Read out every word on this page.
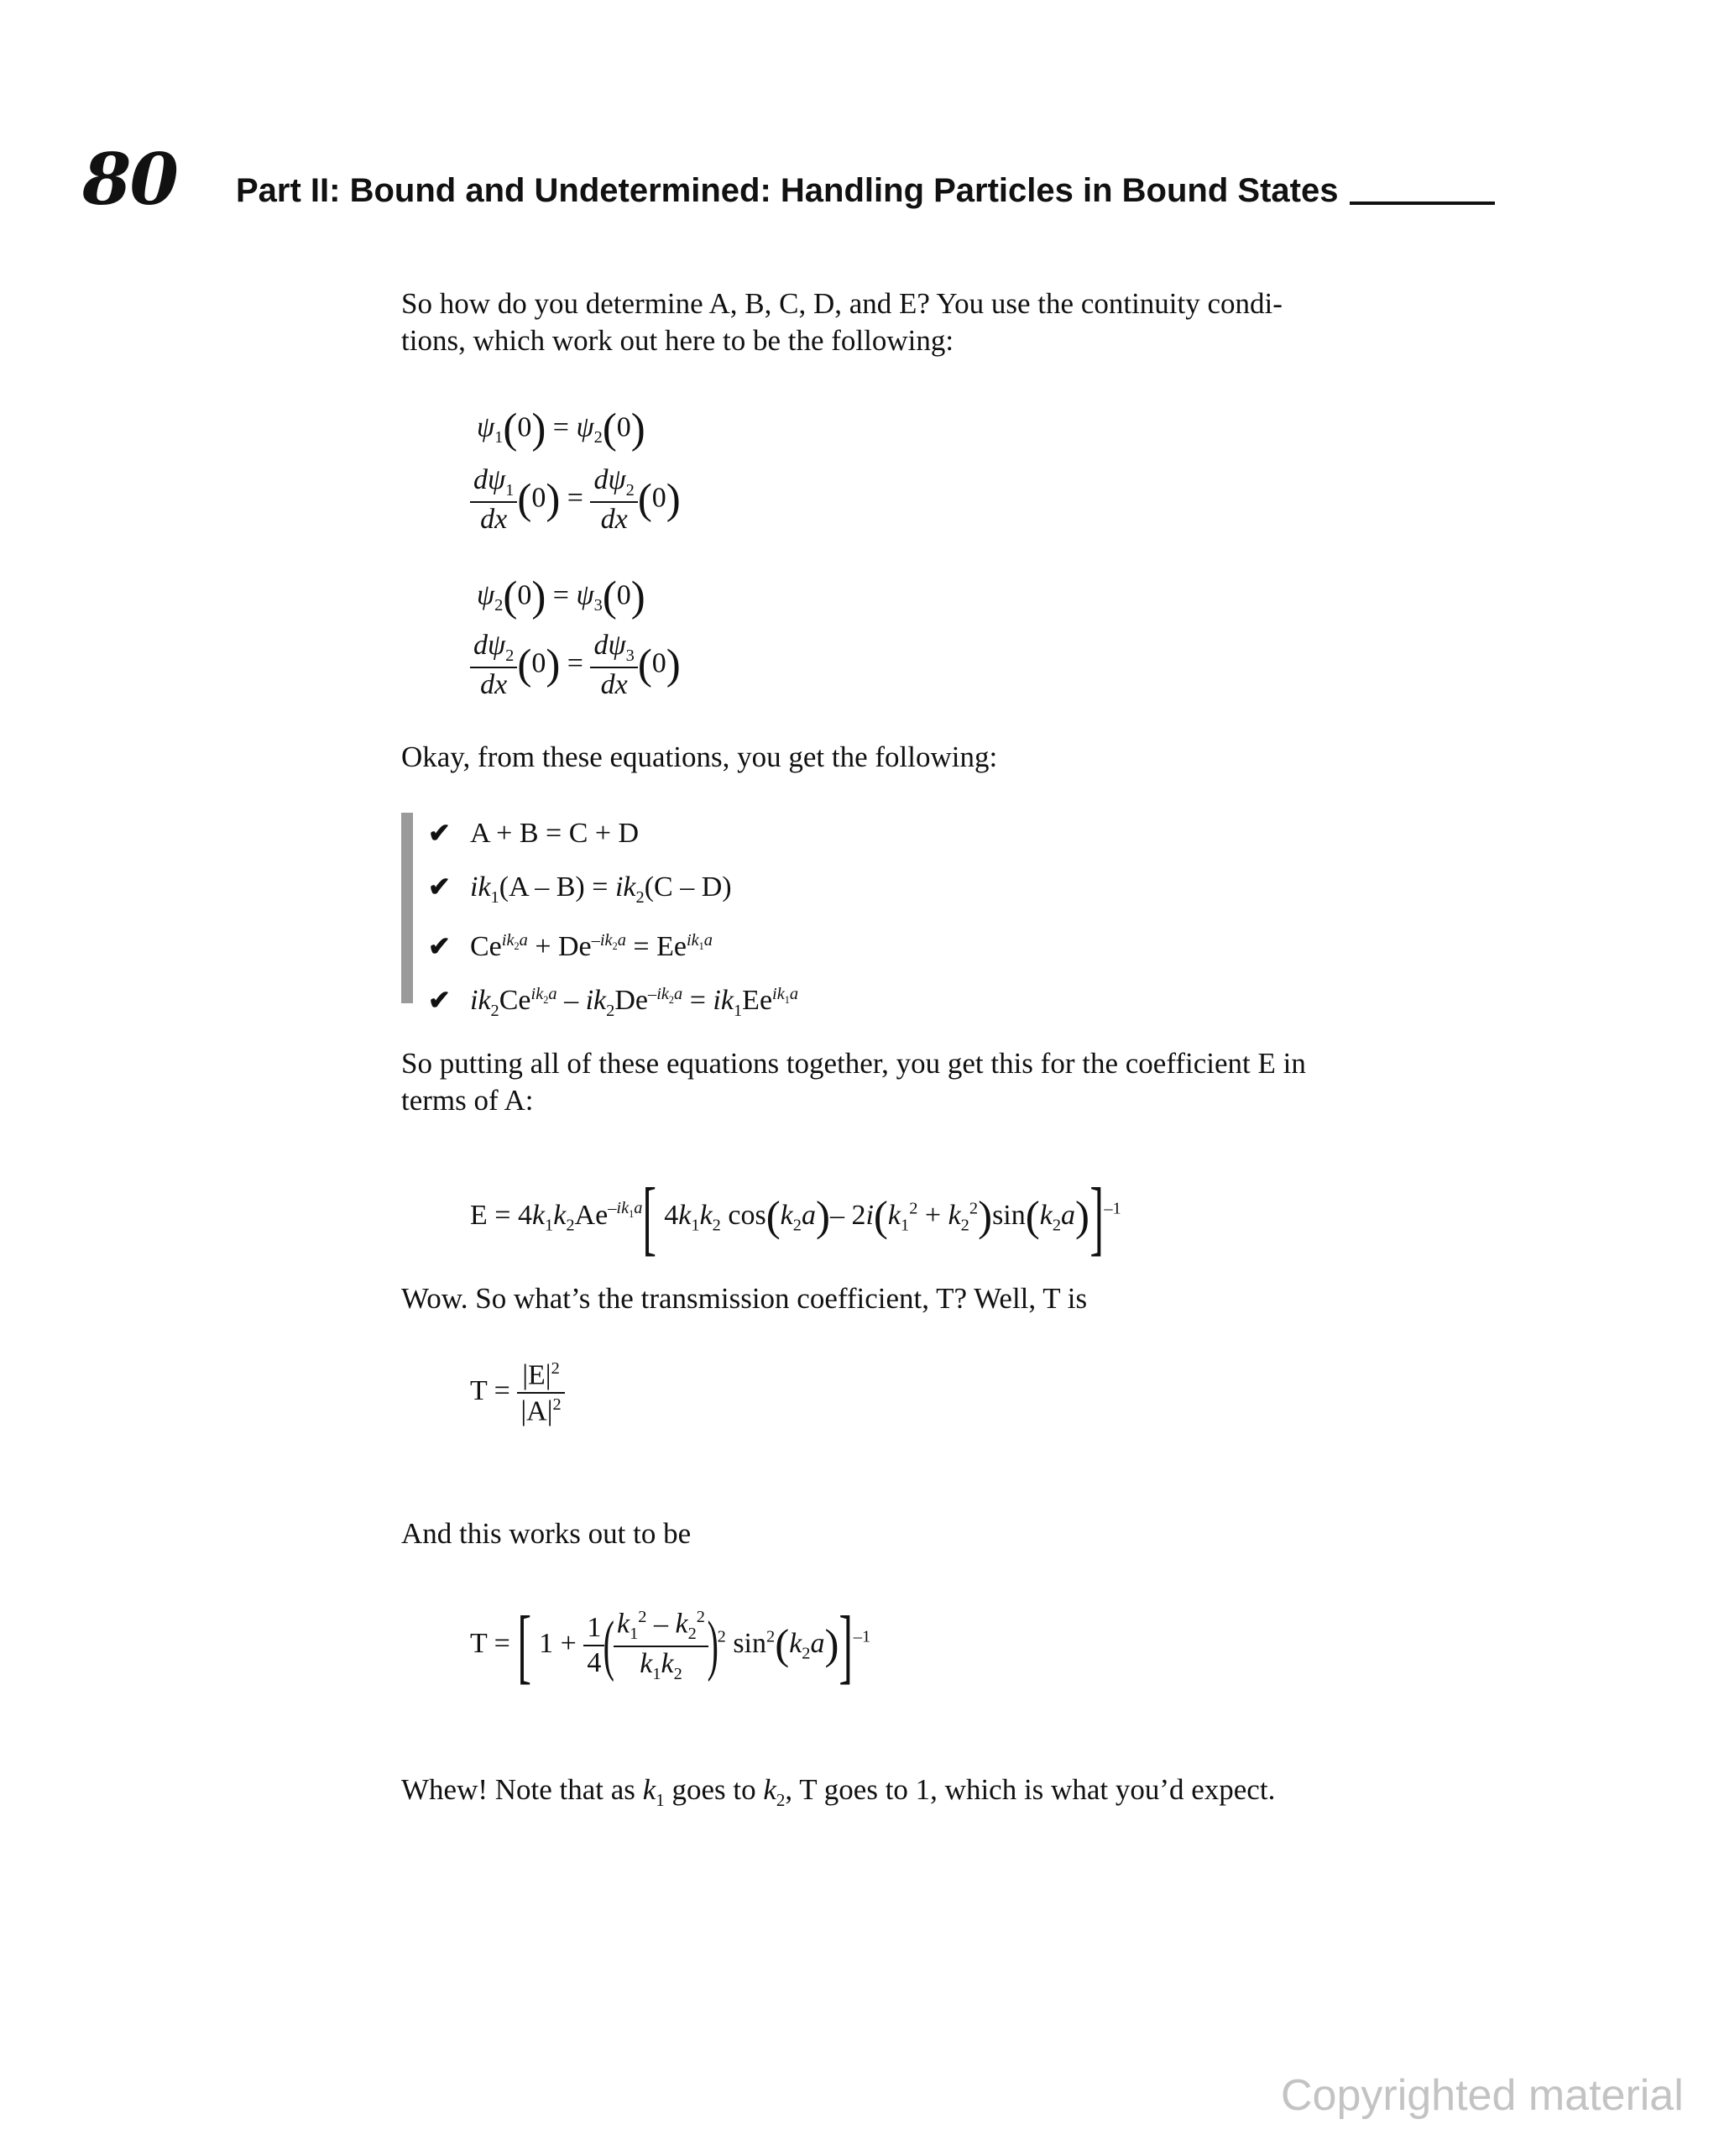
80 Part II: Bound and Undetermined: Handling Particles in Bound States
So how do you determine A, B, C, D, and E? You use the continuity condi-
tions, which work out here to be the following:
$\psi_1(0) = \psi_2(0)$
$\frac{d\psi_1}{dx} (0) = \frac{d\psi_2}{dx} (0)$
$\psi_2(0) = \psi_3(0)$
$\frac{d\psi_2}{dx} (0) = \frac{d\psi_3}{dx} (0)$
Okay, from these equations, you get the following:
✔ A + B = C + D
✔ $ik_1(A - B) = ik_2(C - D)$
✔ $Ce^{ik_2a} + De^{-ik_2a} = Ee^{ik_1a}$
✔ $ik_2Ce^{ik_2a} - ik_2De^{-ik_2a} = ik_1Ee^{ik_1a}$
So putting all of these equations together, you get this for the coefficient E in
terms of A:
$E = 4k_1k_2Ae^{-ik_1a}$[ $4k_1k_2$ $\cos(k_2a)-$ $2i(k_1^2 + k_2^2)\sin(k_2a)]^{-1}$
Wow. So what’s the transmission coefficient, T? Well, T is
$T = \frac{|E|^2}{|A|^2}$
And this works out to be
T = [ $1 + \frac{1}{4}$
(
$\frac{k_1^2 - k_2^2}{k_1k_2}$
)$^2$ $\sin^2(k_2a)]^{-1}$
Whew! Note that as $k_1$ goes to $k_2$, T goes to 1, which is what you’d expect.
Copyrighted material
